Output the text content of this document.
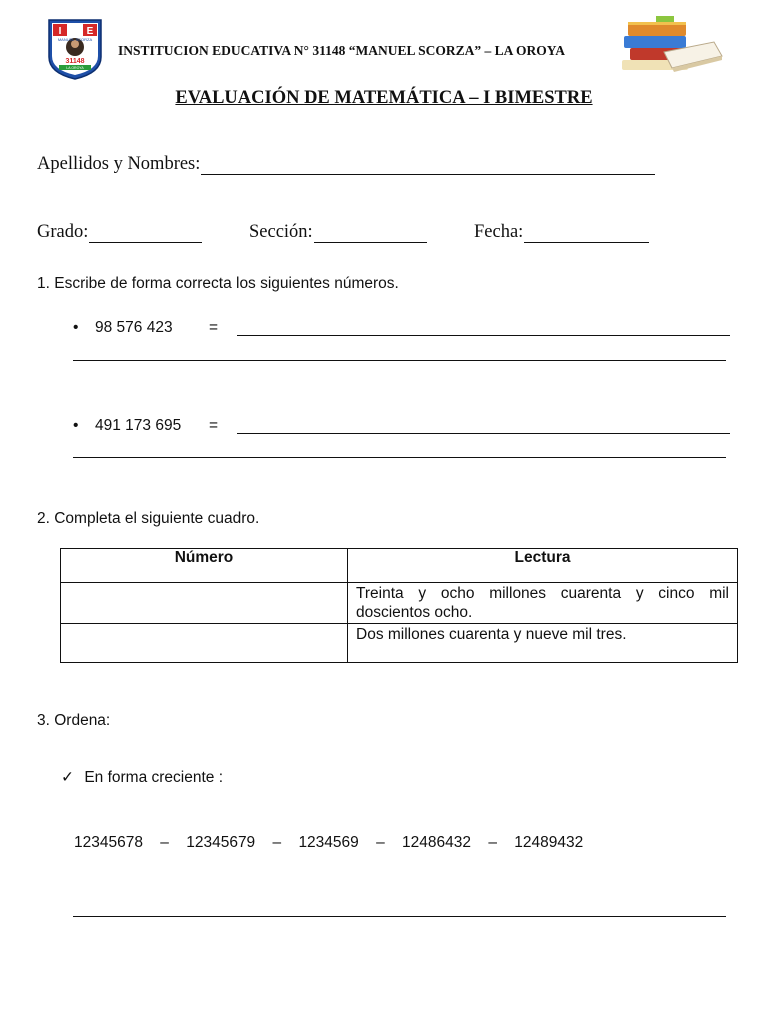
I	E
31148
LA OROYA
MANUEL SCORZA
INSTITUCION EDUCATIVA N° 31148 “MANUEL SCORZA” – LA OROYA
EVALUACIÓN DE MATEMÁTICA – I BIMESTRE
Apellidos y Nombres:
Grado:	Sección:	Fecha:
1. Escribe de forma correcta los siguientes números.
• 98 576 423 =
• 491 173 695 =
2. Completa el siguiente cuadro.
Número	Lectura
	Treinta y ocho millones cuarenta y cinco mil doscientos ocho.
	Dos millones cuarenta y nueve mil tres.
3. Ordena:
✓ En forma creciente :
12345678 – 12345679 – 1234569 – 12486432 – 12489432
